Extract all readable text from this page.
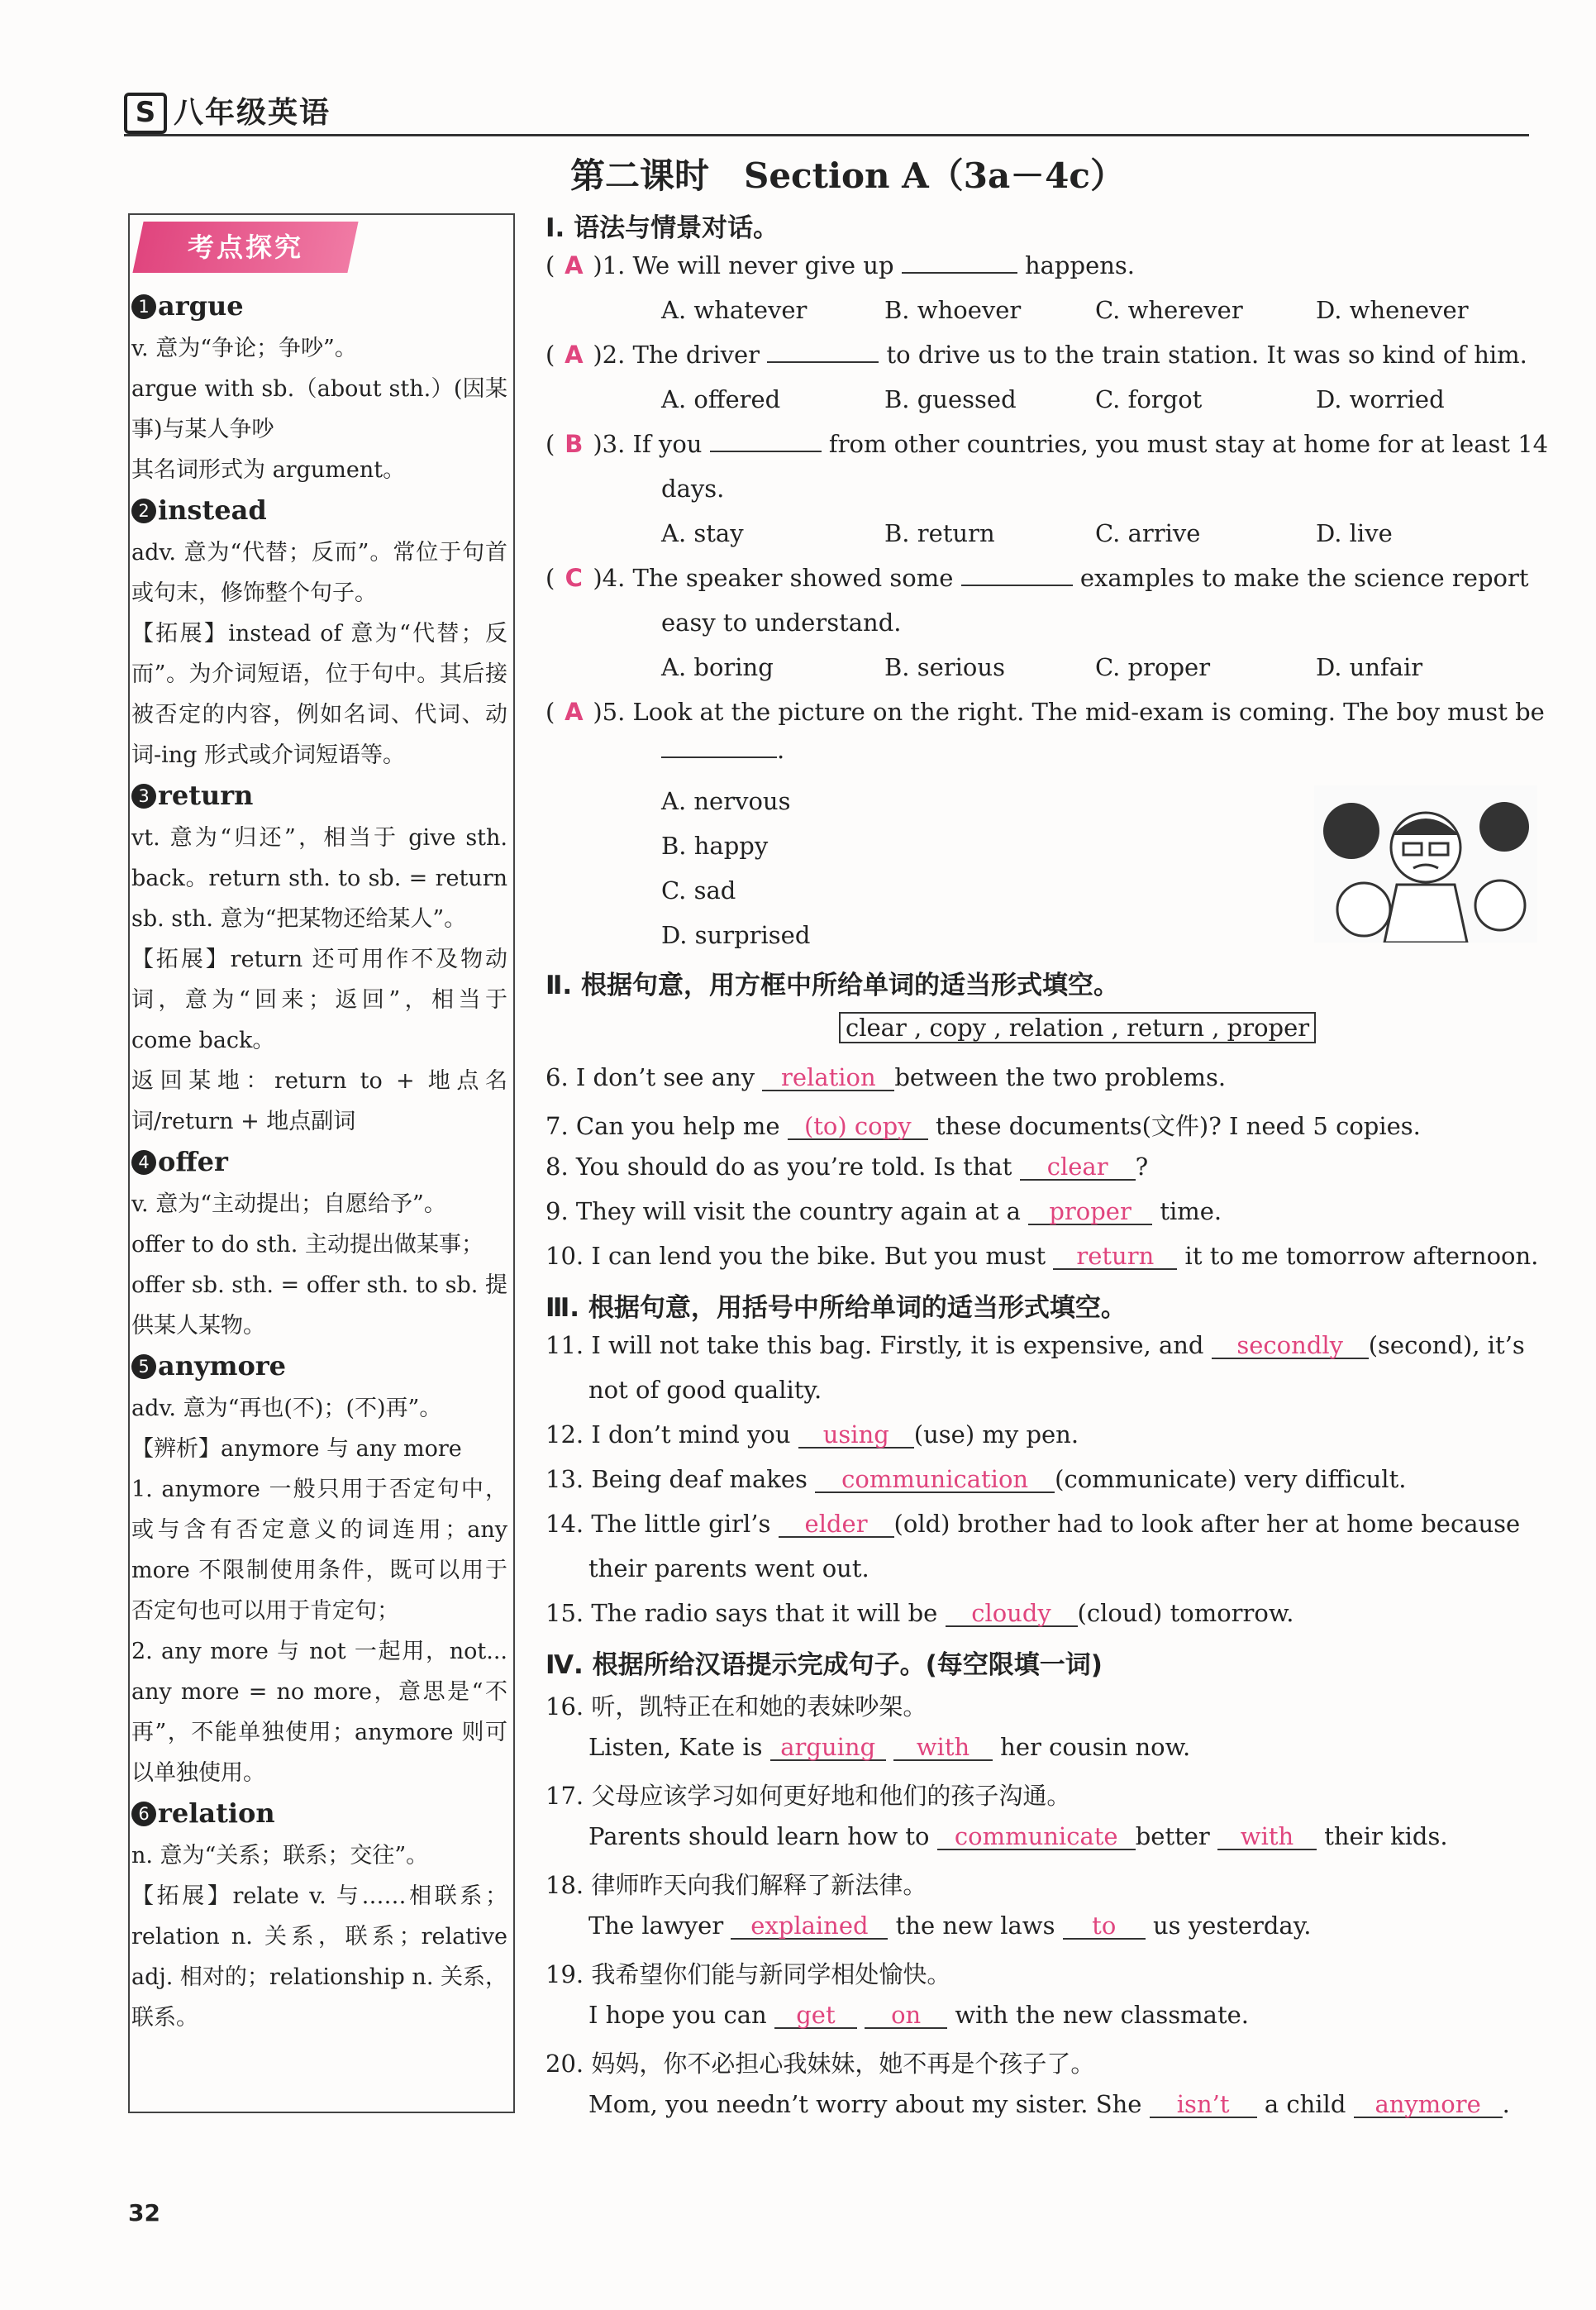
S 八年级英语
第二课时　Section A（3a－4c）
考点探究
1 argue

v. 意为“争论；争吵”。

argue with sb.（about sth.）(因某事)与某人争吵

其名词形式为 argument。

2 instead

adv. 意为“代替；反而”。常位于句首或句末，修饰整个句子。

【拓展】instead of 意为“代替；反而”。为介词短语，位于句中。其后接被否定的内容，例如名词、代词、动词-ing 形式或介词短语等。

3 return

vt. 意为“归还”，相当于 give sth. back。return sth. to sb. = return sb. sth. 意为“把某物还给某人”。

【拓展】return 还可用作不及物动词，意为“回来；返回”，相当于 come back。

返回某地：return to + 地点名词/return + 地点副词

4 offer

v. 意为“主动提出；自愿给予”。

offer to do sth. 主动提出做某事；

offer sb. sth. = offer sth. to sb. 提供某人某物。

5 anymore

adv. 意为“再也(不)；(不)再”。

【辨析】anymore 与 any more

1. anymore 一般只用于否定句中，或与含有否定意义的词连用；any more 不限制使用条件，既可以用于否定句也可以用于肯定句；

2. any more 与 not 一起用，not... any more = no more，意思是“不再”，不能单独使用；anymore 则可以单独使用。

6 relation

n. 意为“关系；联系；交往”。

【拓展】relate v. 与……相联系；relation n. 关系，联系；relative adj. 相对的；relationship n. 关系，联系。

Ⅰ. 语法与情景对话。
( A )1. We will never give up	happens.
A. whatever	B. whoever	C. wherever	D. whenever
( A )2. The driver	to drive us to the train station. It was so kind of him.
A. offered	B. guessed	C. forgot	D. worried
( B )3. If you	from other countries, you must stay at home for at least 14
days.
A. stay	B. return	C. arrive	D. live
( C )4. The speaker showed some	examples to make the science report
easy to understand.
A. boring	B. serious	C. proper	D. unfair
( A )5. Look at the picture on the right. The mid-exam is coming. The boy must be
.
A. nervous
B. happy
C. sad
D. surprised
Ⅱ. 根据句意，用方框中所给单词的适当形式填空。
clear , copy , relation , return , proper
6. I don’t see any relation between the two problems.
7. Can you help me (to) copy these documents(文件)? I need 5 copies.
8. You should do as you’re told. Is that clear ?
9. They will visit the country again at a proper time.
10. I can lend you the bike. But you must return it to me tomorrow afternoon.
Ⅲ. 根据句意，用括号中所给单词的适当形式填空。
11. I will not take this bag. Firstly, it is expensive, and secondly (second), it’s
not of good quality.
12. I don’t mind you using (use) my pen.
13. Being deaf makes communication (communicate) very difficult.
14. The little girl’s elder (old) brother had to look after her at home because
their parents went out.
15. The radio says that it will be cloudy (cloud) tomorrow.
Ⅳ. 根据所给汉语提示完成句子。(每空限填一词)
16. 听，凯特正在和她的表妹吵架。
Listen, Kate is arguing with her cousin now.
17. 父母应该学习如何更好地和他们的孩子沟通。
Parents should learn how to communicate better with their kids.
18. 律师昨天向我们解释了新法律。
The lawyer explained the new laws to us yesterday.
19. 我希望你们能与新同学相处愉快。
I hope you can get on with the new classmate.
20. 妈妈，你不必担心我妹妹，她不再是个孩子了。
Mom, you needn’t worry about my sister. She isn’t a child anymore .
32
